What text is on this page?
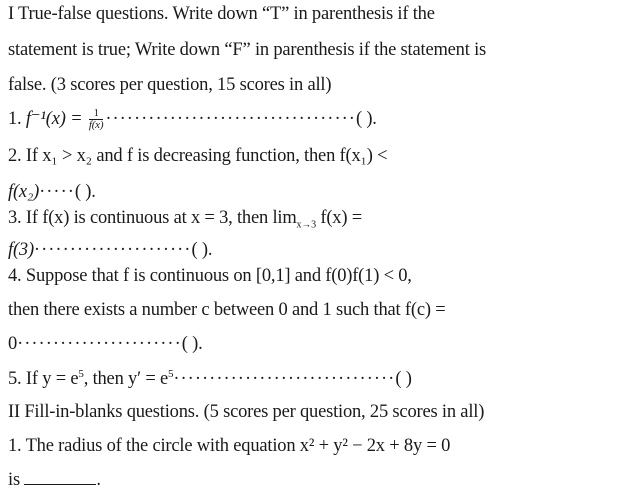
I True-false questions. Write down “T” in parenthesis if the
statement is true; Write down “F” in parenthesis if the statement is
false. (3 scores per question, 15 scores in all)
1. $f^{-1}(x) = \frac{1}{f(x)}$ ···································( ).
2. If x₁ > x₂ and f is decreasing function, then f(x₁) <
f(x₂)·····( ).
3. If f(x) is continuous at x = 3, then $\lim_{x\to 3} f(x)$ =
f(3)······················( ).
4. Suppose that f is continuous on [0,1] and f(0)f(1) < 0,
then there exists a number c between 0 and 1 such that f(c) =
0·······················( ).
5. If $y = e^5$, then $y' = e^5\cdot\cdot\cdot\cdot\cdot\cdot\cdot\cdot\cdot\cdot\cdot\cdot\cdot\cdot\cdot\cdot\cdot\cdot\cdot\cdot\cdot\cdot\cdot\cdot\cdot\cdot\cdot\cdot\cdot\cdot\cdot$( )
II Fill-in-blanks questions. (5 scores per question, 25 scores in all)
1. The radius of the circle with equation x² + y² − 2x + 8y = 0
is	.
